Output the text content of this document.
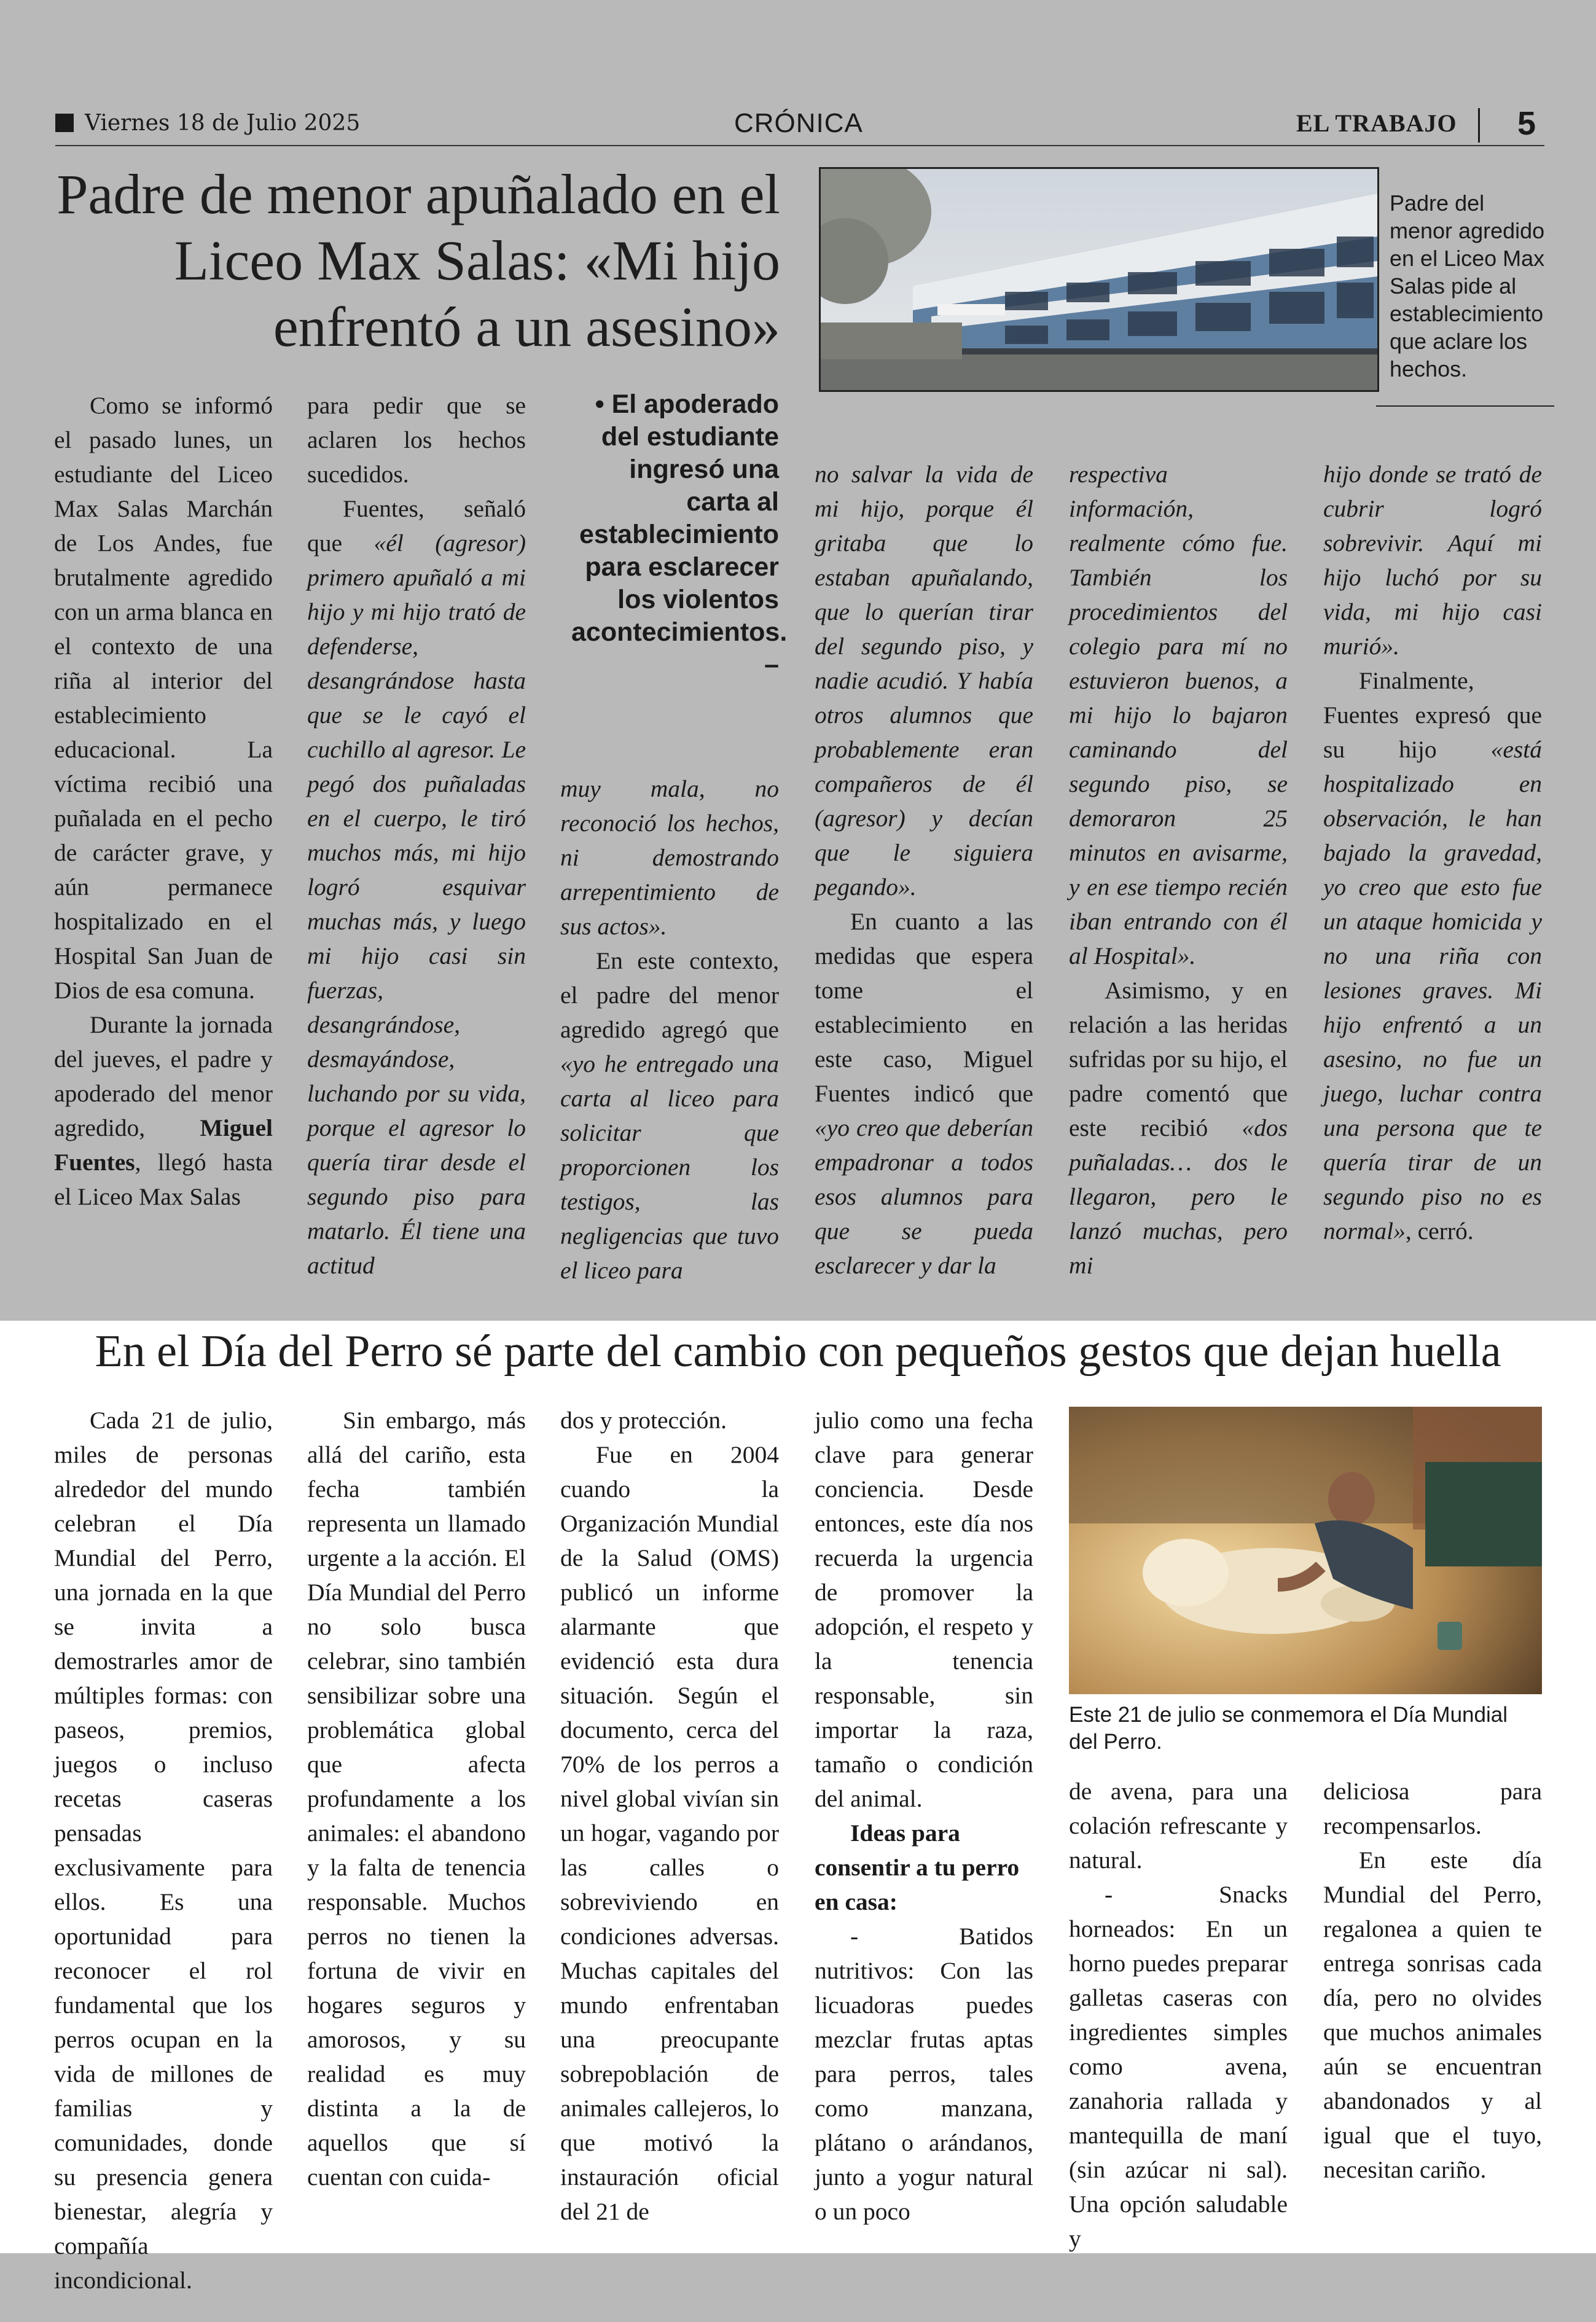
Viernes 18 de Julio 2025	CRÓNICA	EL TRABAJO 5
Padre de menor apuñalado en el Liceo Max Salas: «Mi hijo enfrentó a un asesino»
• El apoderado del estudiante ingresó una carta al establecimiento para esclarecer los violentos acontecimientos. –
Padre del menor agredido en el Liceo Max Salas pide al establecimiento que aclare los hechos.

Como se informó el pasado lunes, un estudiante del Liceo Max Salas Marchán de Los Andes, fue brutalmente agredido con un arma blanca en el contexto de una riña al interior del establecimiento educacional. La víctima recibió una puñalada en el pecho de carácter grave, y aún permanece hospitalizado en el Hospital San Juan de Dios de esa comuna.

Durante la jornada del jueves, el padre y apoderado del menor agredido, Miguel Fuentes, llegó hasta el Liceo Max Salas

para pedir que se aclaren los hechos sucedidos.

Fuentes, señaló que «él (agresor) primero apuñaló a mi hijo y mi hijo trató de defenderse, desangrándose hasta que se le cayó el cuchillo al agresor. Le pegó dos puñaladas en el cuerpo, le tiró muchos más, mi hijo logró esquivar muchas más, y luego mi hijo casi sin fuerzas, desangrándose, desmayándose, luchando por su vida, porque el agresor lo quería tirar desde el segundo piso para matarlo. Él tiene una actitud

muy mala, no reconoció los hechos, ni demostrando arrepentimiento de sus actos».

En este contexto, el padre del menor agredido agregó que «yo he entregado una carta al liceo para solicitar que proporcionen los testigos, las negligencias que tuvo el liceo para

no salvar la vida de mi hijo, porque él gritaba que lo estaban apuñalando, que lo querían tirar del segundo piso, y nadie acudió. Y había otros alumnos que probablemente eran compañeros de él (agresor) y decían que le siguiera pegando».

En cuanto a las medidas que espera tome el establecimiento en este caso, Miguel Fuentes indicó que «yo creo que deberían empadronar a todos esos alumnos para que se pueda esclarecer y dar la

respectiva información, realmente cómo fue. También los procedimientos del colegio para mí no estuvieron buenos, a mi hijo lo bajaron caminando del segundo piso, se demoraron 25 minutos en avisarme, y en ese tiempo recién iban entrando con él al Hospital».

Asimismo, y en relación a las heridas sufridas por su hijo, el padre comentó que este recibió «dos puñaladas… dos le llegaron, pero le lanzó muchas, pero mi

hijo donde se trató de cubrir logró sobrevivir. Aquí mi hijo luchó por su vida, mi hijo casi murió».

Finalmente, Fuentes expresó que su hijo «está hospitalizado en observación, le han bajado la gravedad, yo creo que esto fue un ataque homicida y no una riña con lesiones graves. Mi hijo enfrentó a un asesino, no fue un juego, luchar contra una persona que te quería tirar de un segundo piso no es normal», cerró.

En el Día del Perro sé parte del cambio con pequeños gestos que dejan huella
Este 21 de julio se conmemora el Día Mundial del Perro.

Cada 21 de julio, miles de personas alrededor del mundo celebran el Día Mundial del Perro, una jornada en la que se invita a demostrarles amor de múltiples formas: con paseos, premios, juegos o incluso recetas caseras pensadas exclusivamente para ellos. Es una oportunidad para reconocer el rol fundamental que los perros ocupan en la vida de millones de familias y comunidades, donde su presencia genera bienestar, alegría y compañía incondicional.

Sin embargo, más allá del cariño, esta fecha también representa un llamado urgente a la acción. El Día Mundial del Perro no solo busca celebrar, sino también sensibilizar sobre una problemática global que afecta profundamente a los animales: el abandono y la falta de tenencia responsable. Muchos perros no tienen la fortuna de vivir en hogares seguros y amorosos, y su realidad es muy distinta a la de aquellos que sí cuentan con cuida-

dos y protección.

Fue en 2004 cuando la Organización Mundial de la Salud (OMS) publicó un informe alarmante que evidenció esta dura situación. Según el documento, cerca del 70% de los perros a nivel global vivían sin un hogar, vagando por las calles o sobreviviendo en condiciones adversas. Muchas capitales del mundo enfrentaban una preocupante sobrepoblación de animales callejeros, lo que motivó la instauración oficial del 21 de

julio como una fecha clave para generar conciencia. Desde entonces, este día nos recuerda la urgencia de promover la adopción, el respeto y la tenencia responsable, sin importar la raza, tamaño o condición del animal.

Ideas para consentir a tu perro en casa:

- Batidos nutritivos: Con las licuadoras puedes mezclar frutas aptas para perros, tales como manzana, plátano o arándanos, junto a yogur natural o un poco

de avena, para una colación refrescante y natural.

- Snacks horneados: En un horno puedes preparar galletas caseras con ingredientes simples como avena, zanahoria rallada y mantequilla de maní (sin azúcar ni sal). Una opción saludable y

deliciosa para recompensarlos.

En este día Mundial del Perro, regalonea a quien te entrega sonrisas cada día, pero no olvides que muchos animales aún se encuentran abandonados y al igual que el tuyo, necesitan cariño.
